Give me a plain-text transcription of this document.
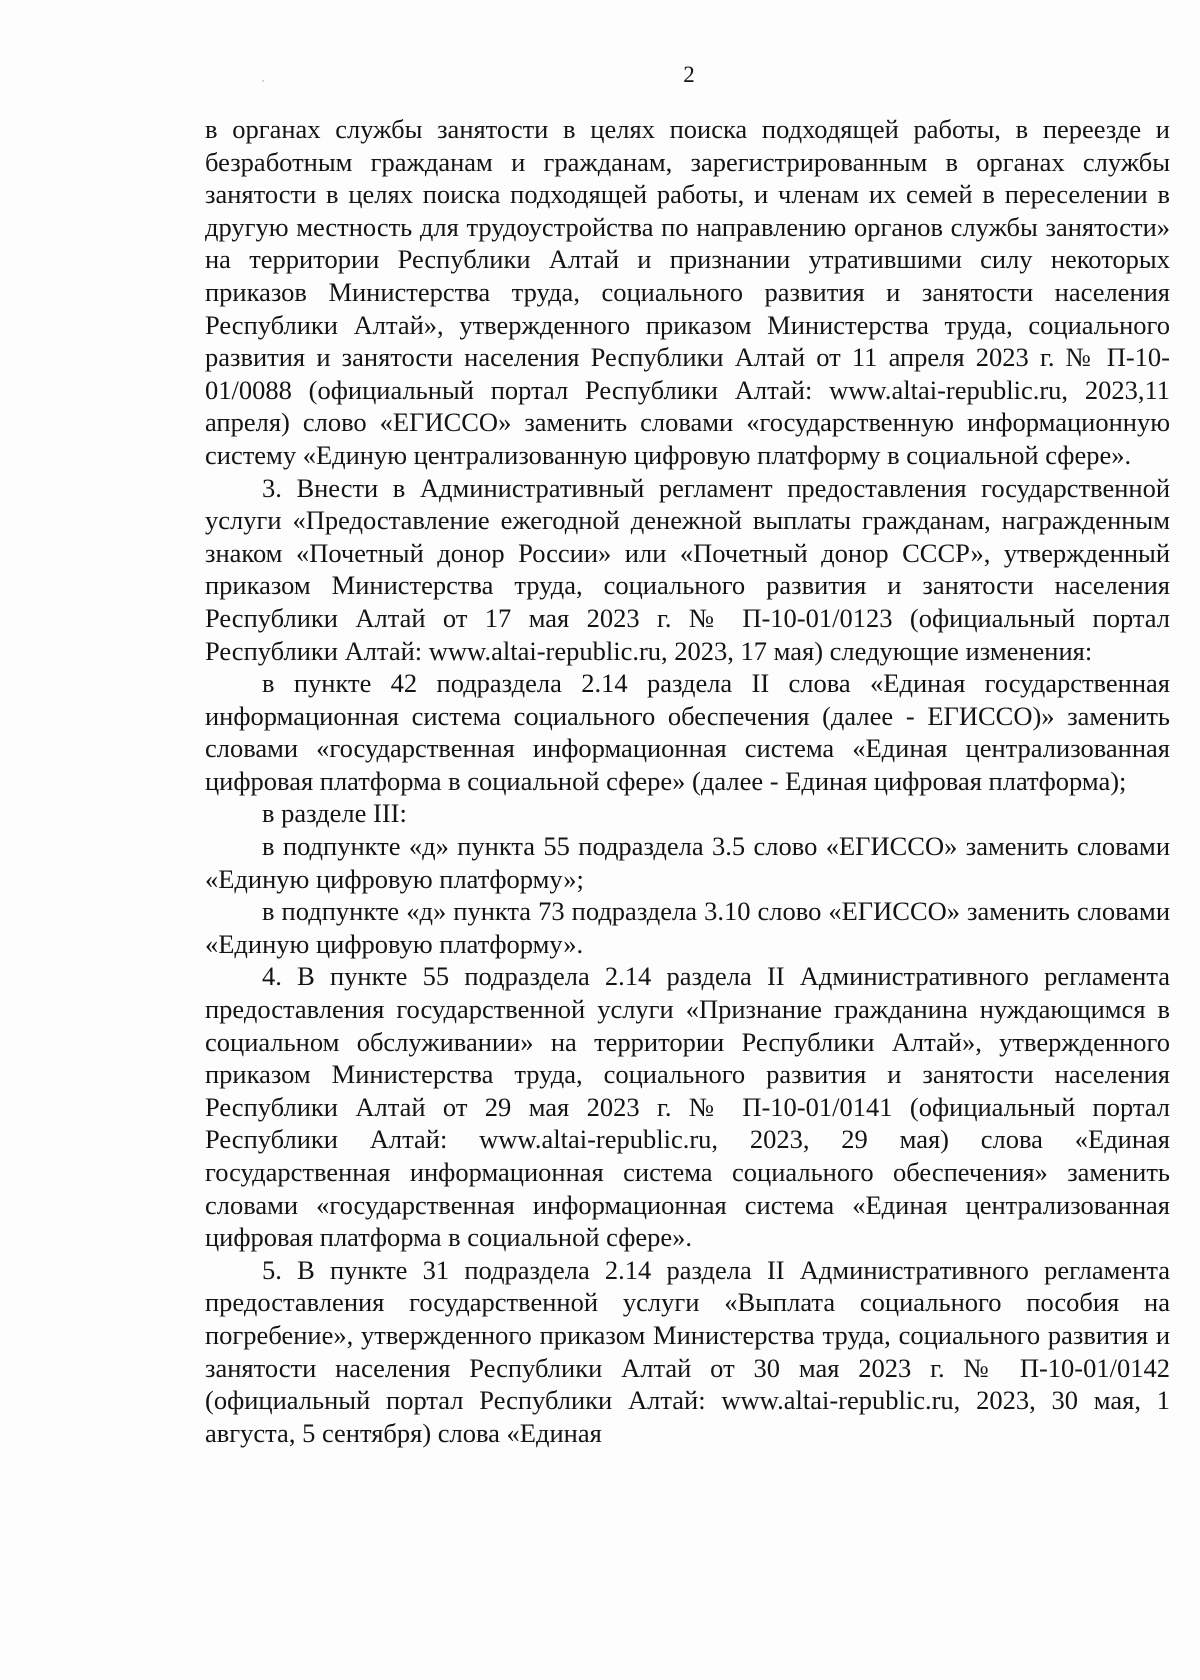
2

в органах службы занятости в целях поиска подходящей работы, в переезде и безработным гражданам и гражданам, зарегистрированным в органах службы занятости в целях поиска подходящей работы, и членам их семей в переселении в другую местность для трудоустройства по направлению органов службы занятости» на территории Республики Алтай и признании утратившими силу некоторых приказов Министерства труда, социального развития и занятости населения Республики Алтай», утвержденного приказом Министерства труда, социального развития и занятости населения Республики Алтай от 11 апреля 2023 г. № П-10-01/0088 (официальный портал Республики Алтай: www.altai-republic.ru, 2023,11 апреля) слово «ЕГИССО» заменить словами «государственную информационную систему «Единую централизованную цифровую платформу в социальной сфере».

3. Внести в Административный регламент предоставления государственной услуги «Предоставление ежегодной денежной выплаты гражданам, награжденным знаком «Почетный донор России» или «Почетный донор СССР», утвержденный приказом Министерства труда, социального развития и занятости населения Республики Алтай от 17 мая 2023 г. № П-10-01/0123 (официальный портал Республики Алтай: www.altai-republic.ru, 2023, 17 мая) следующие изменения:

в пункте 42 подраздела 2.14 раздела II слова «Единая государственная информационная система социального обеспечения (далее - ЕГИССО)» заменить словами «государственная информационная система «Единая централизованная цифровая платформа в социальной сфере» (далее - Единая цифровая платформа);

в разделе III:

в подпункте «д» пункта 55 подраздела 3.5 слово «ЕГИССО» заменить словами «Единую цифровую платформу»;

в подпункте «д» пункта 73 подраздела 3.10 слово «ЕГИССО» заменить словами «Единую цифровую платформу».

4. В пункте 55 подраздела 2.14 раздела II Административного регламента предоставления государственной услуги «Признание гражданина нуждающимся в социальном обслуживании» на территории Республики Алтай», утвержденного приказом Министерства труда, социального развития и занятости населения Республики Алтай от 29 мая 2023 г. № П-10-01/0141 (официальный портал Республики Алтай: www.altai-republic.ru, 2023, 29 мая) слова «Единая государственная информационная система социального обеспечения» заменить словами «государственная информационная система «Единая централизованная цифровая платформа в социальной сфере».

5. В пункте 31 подраздела 2.14 раздела II Административного регламента предоставления государственной услуги «Выплата социального пособия на погребение», утвержденного приказом Министерства труда, социального развития и занятости населения Республики Алтай от 30 мая 2023 г. № П-10-01/0142 (официальный портал Республики Алтай: www.altai-republic.ru, 2023, 30 мая, 1 августа, 5 сентября) слова «Единая
